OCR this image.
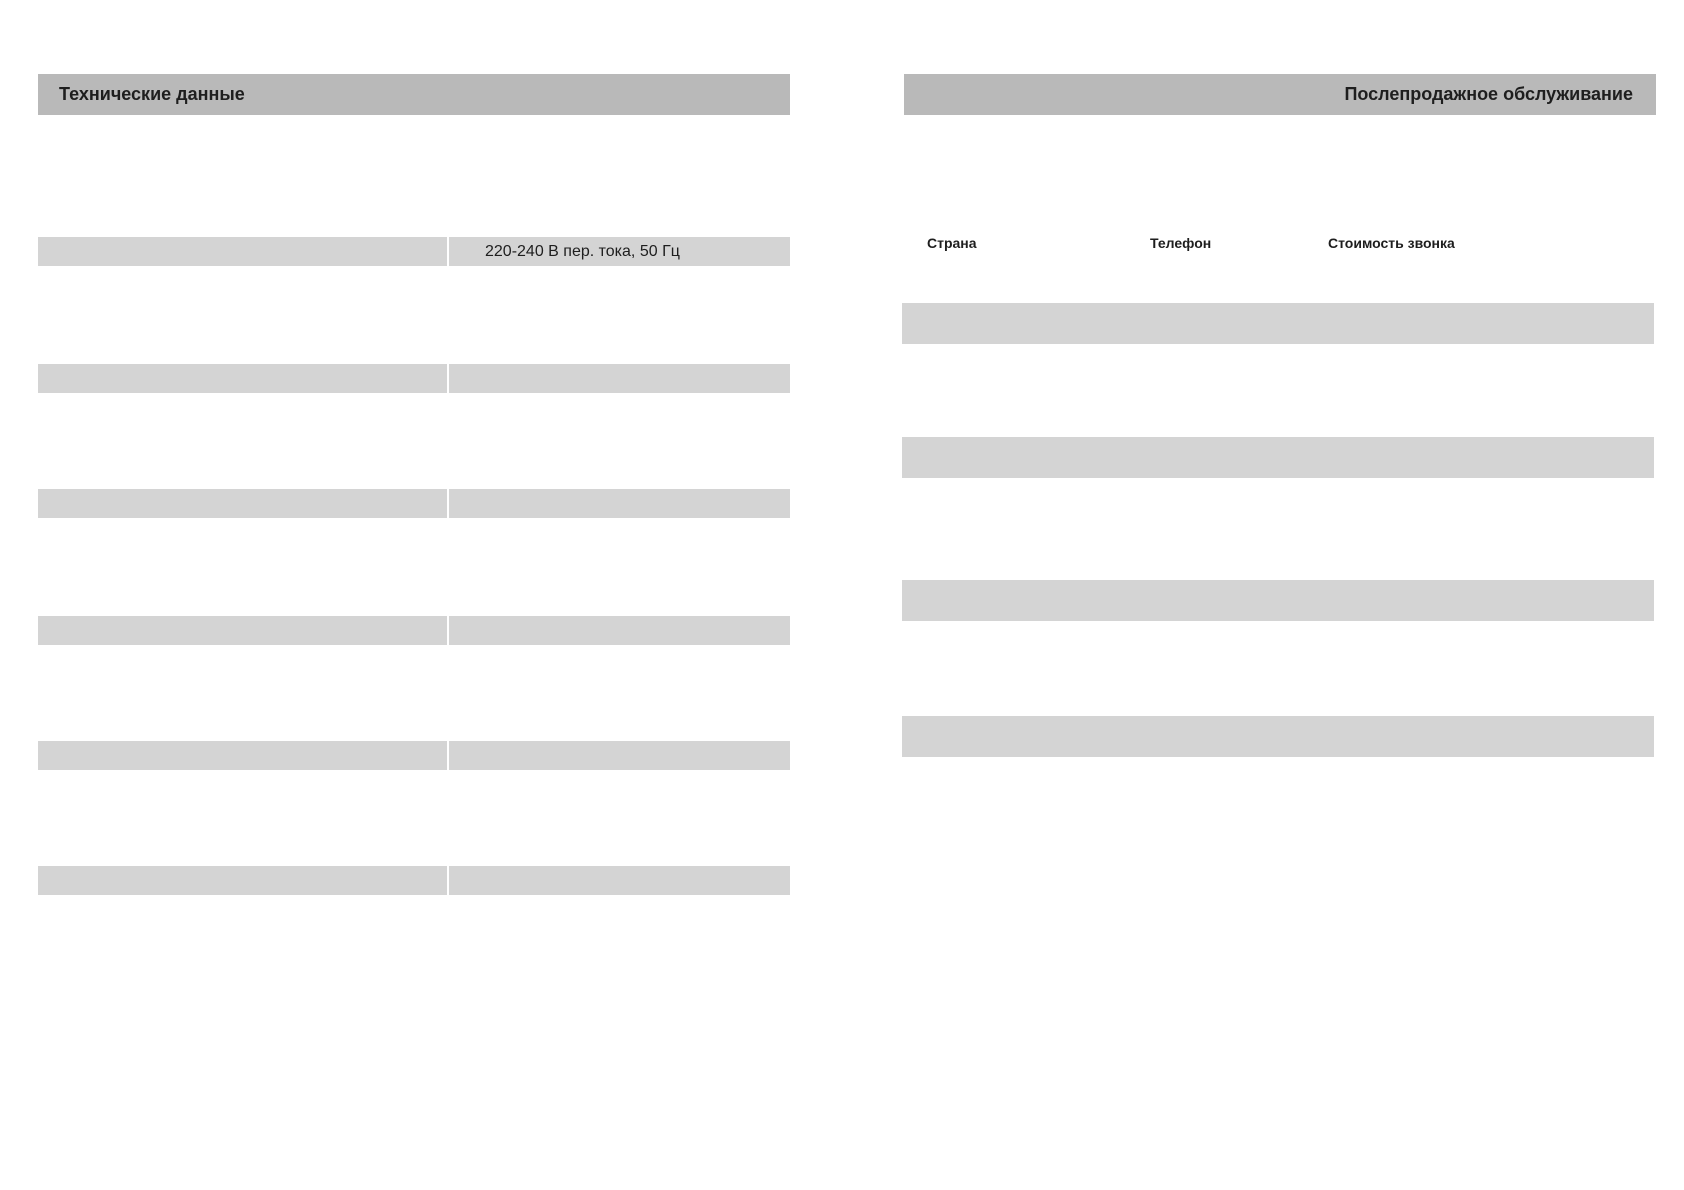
Технические данные
220-240 В пер. тока, 50 Гц
Послепродажное обслуживание
Страна	Телефон	Стоимость звонка
